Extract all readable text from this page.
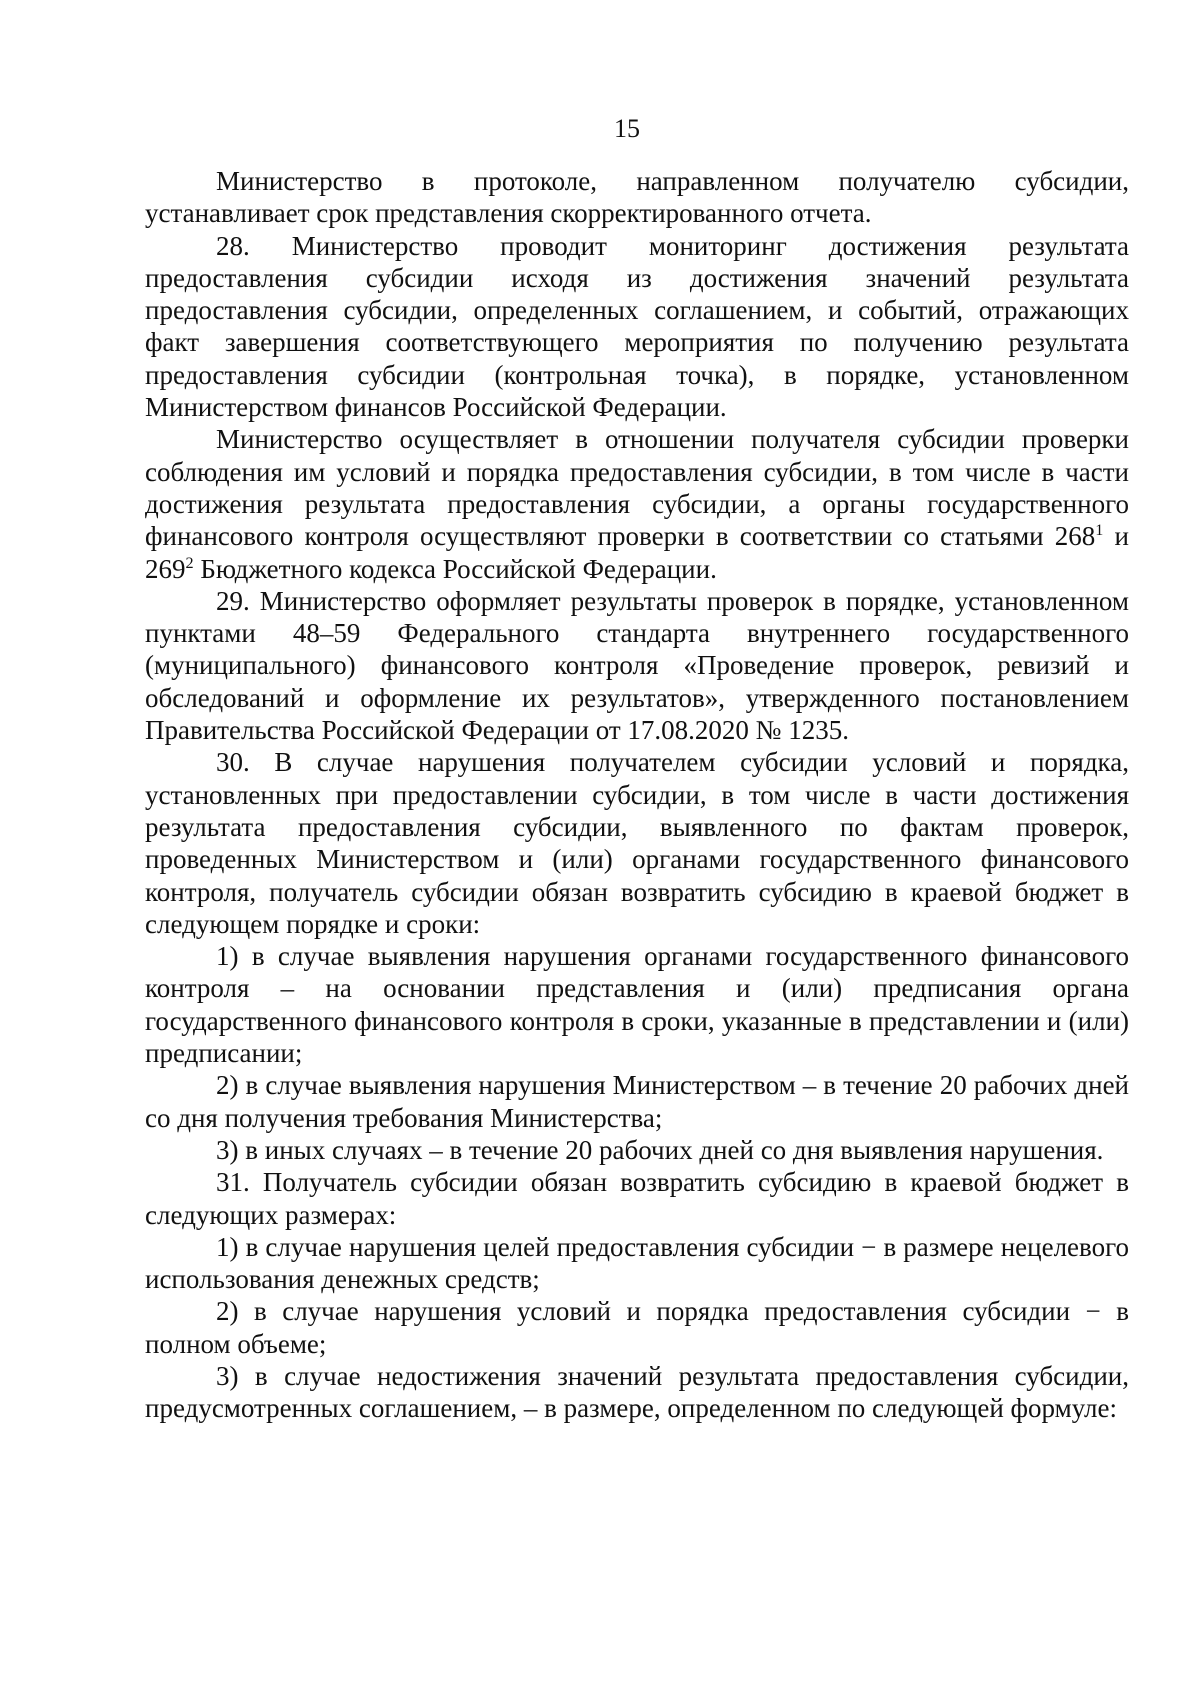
15

Министерство в протоколе, направленном получателю субсидии, устанавливает срок представления скорректированного отчета.

28. Министерство проводит мониторинг достижения результата предоставления субсидии исходя из достижения значений результата предоставления субсидии, определенных соглашением, и событий, отражающих факт завершения соответствующего мероприятия по получению результата предоставления субсидии (контрольная точка), в порядке, установленном Министерством финансов Российской Федерации.

Министерство осуществляет в отношении получателя субсидии проверки соблюдения им условий и порядка предоставления субсидии, в том числе в части достижения результата предоставления субсидии, а органы государственного финансового контроля осуществляют проверки в соответствии со статьями $268^1$ и $269^2$ Бюджетного кодекса Российской Федерации.

29. Министерство оформляет результаты проверок в порядке, установленном пунктами 48–59 Федерального стандарта внутреннего государственного (муниципального) финансового контроля «Проведение проверок, ревизий и обследований и оформление их результатов», утвержденного постановлением Правительства Российской Федерации от 17.08.2020 № 1235.

30. В случае нарушения получателем субсидии условий и порядка, установленных при предоставлении субсидии, в том числе в части достижения результата предоставления субсидии, выявленного по фактам проверок, проведенных Министерством и (или) органами государственного финансового контроля, получатель субсидии обязан возвратить субсидию в краевой бюджет в следующем порядке и сроки:

1) в случае выявления нарушения органами государственного финансового контроля – на основании представления и (или) предписания органа государственного финансового контроля в сроки, указанные в представлении и (или) предписании;

2) в случае выявления нарушения Министерством – в течение 20 рабочих дней со дня получения требования Министерства;

3) в иных случаях – в течение 20 рабочих дней со дня выявления нарушения.

31. Получатель субсидии обязан возвратить субсидию в краевой бюджет в следующих размерах:

1) в случае нарушения целей предоставления субсидии − в размере нецелевого использования денежных средств;

2) в случае нарушения условий и порядка предоставления субсидии − в полном объеме;

3) в случае недостижения значений результата предоставления субсидии, предусмотренных соглашением, – в размере, определенном по следующей формуле:
